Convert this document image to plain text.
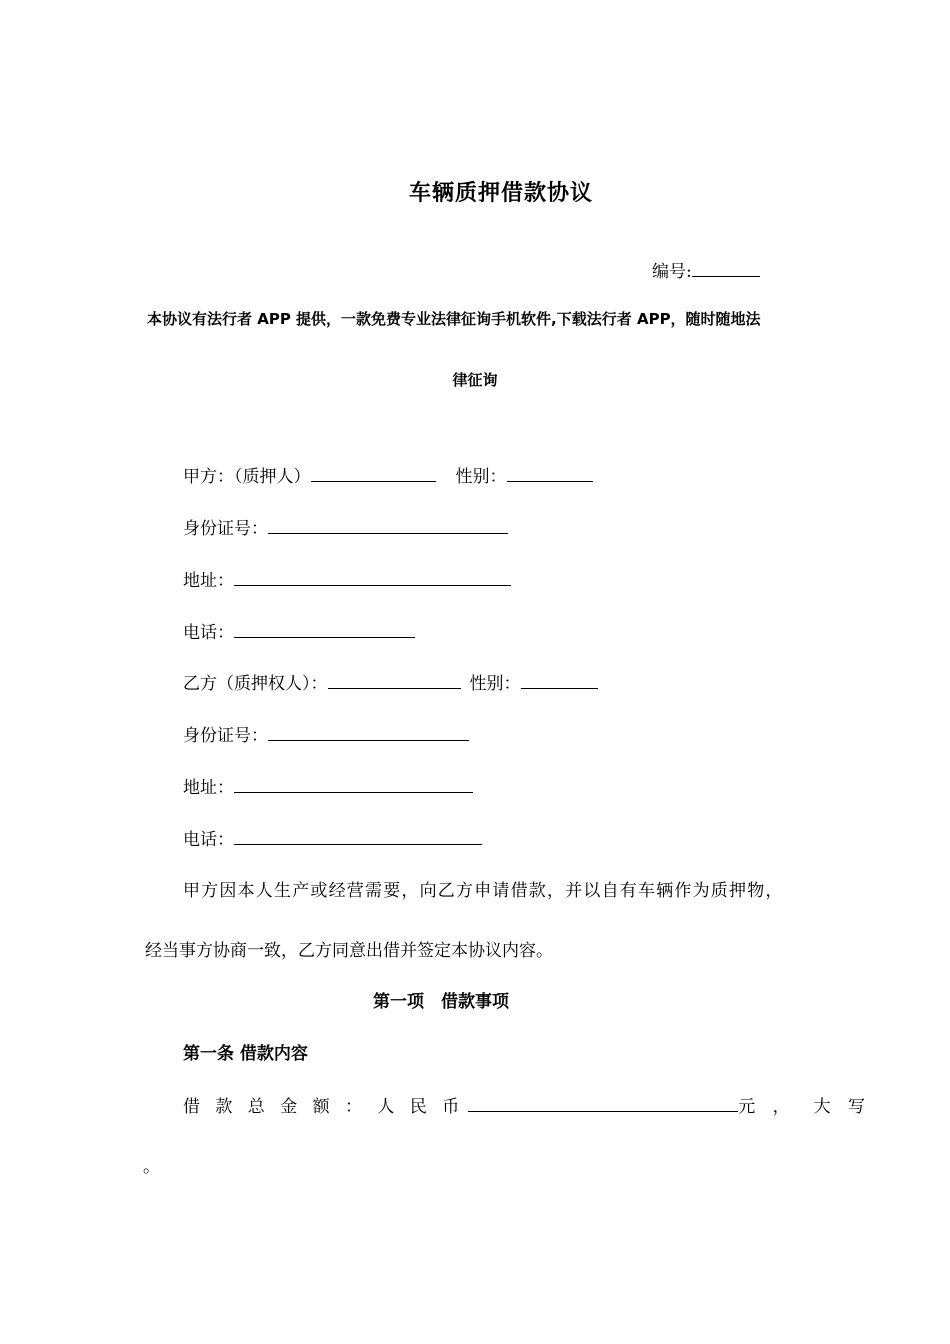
车辆质押借款协议
编号:
本协议有法行者 APP 提供，一款免费专业法律征询手机软件,下载法行者 APP，随时随地法
律征询
甲方：（质押人）	性别：
身份证号：
地址：
电话：
乙方（质押权人）：	性别：
身份证号：
地址：
电话：
甲方因本人生产或经营需要，向乙方申请借款，并以自有车辆作为质押物，
经当事方协商一致，乙方同意出借并签定本协议内容。
第一项　借款事项
第一条 借款内容
借 款 总 金 额 ： 人 民 币	元 ， 大 写
。
